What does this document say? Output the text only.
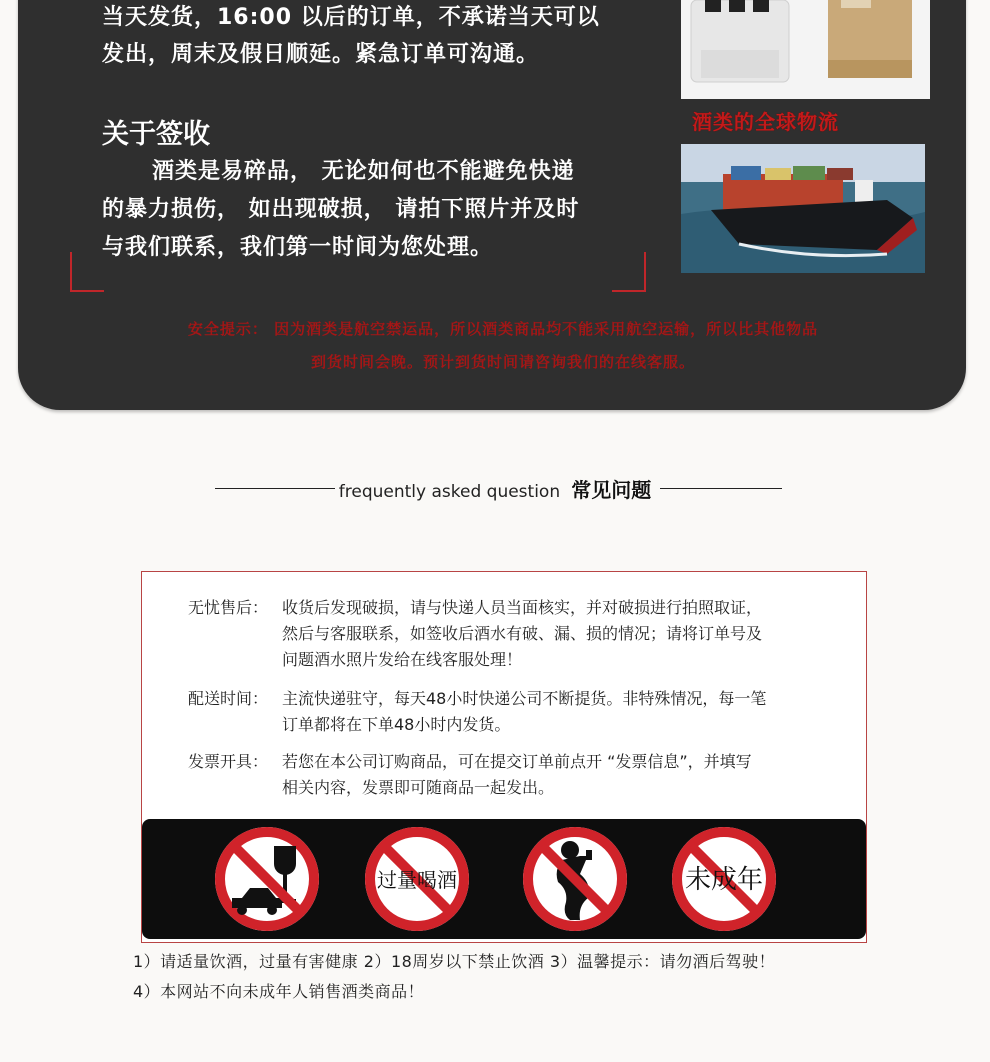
当天发货，16:00 以后的订单，不承诺当天可以
发出，周末及假日顺延。紧急订单可沟通。
关于签收
酒类是易碎品， 无论如何也不能避免快递
的暴力损伤， 如出现破损， 请拍下照片并及时
与我们联系，我们第一时间为您处理。
酒类的全球物流
安全提示： 因为酒类是航空禁运品，所以酒类商品均不能采用航空运输，所以比其他物品
到货时间会晚。预计到货时间请咨询我们的在线客服。
frequently asked question 常见问题
无忧售后： 收货后发现破损，请与快递人员当面核实，并对破损进行拍照取证，
然后与客服联系，如签收后酒水有破、漏、损的情况；请将订单号及
问题酒水照片发给在线客服处理！
配送时间： 主流快递驻守，每天48小时快递公司不断提货。非特殊情况，每一笔
订单都将在下单48小时内发货。
发票开具： 若您在本公司订购商品，可在提交订单前点开 “发票信息”，并填写
相关内容，发票即可随商品一起发出。
过量喝酒	未成年
1）请适量饮酒，过量有害健康 2）18周岁以下禁止饮酒 3）温馨提示：请勿酒后驾驶！
4）本网站不向未成年人销售酒类商品！
